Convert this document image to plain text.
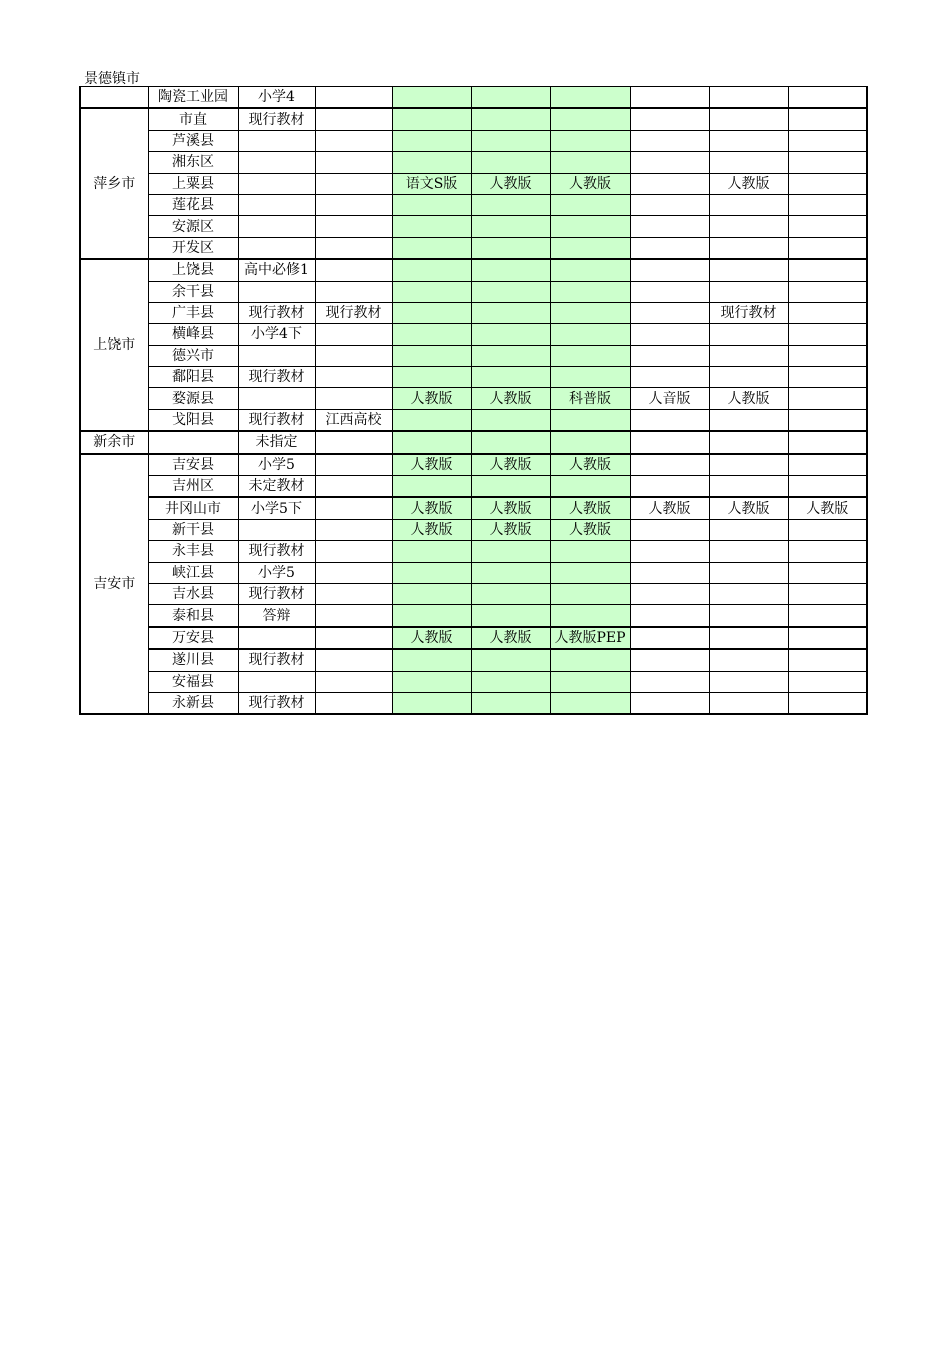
景德镇市
	陶瓷工业园	小学4							
萍乡市	市直	现行教材							
	芦溪县								
	湘东区								
	上粟县			语文S版	人教版	人教版		人教版	
	莲花县								
	安源区								
	开发区								
上饶市	上饶县	高中必修1							
	余干县								
	广丰县	现行教材	现行教材					现行教材	
	横峰县	小学4下							
	德兴市								
	鄱阳县	现行教材							
	婺源县			人教版	人教版	科普版	人音版	人教版	
	戈阳县	现行教材	江西高校						
新余市		未指定							
吉安市	吉安县	小学5		人教版	人教版	人教版			
	吉州区	未定教材							
	井冈山市	小学5下		人教版	人教版	人教版	人教版	人教版	人教版
	新干县			人教版	人教版	人教版			
	永丰县	现行教材							
	峡江县	小学5							
	吉水县	现行教材							
	泰和县	答辩							
	万安县			人教版	人教版	人教版PEP			
	遂川县	现行教材							
	安福县								
	永新县	现行教材							
